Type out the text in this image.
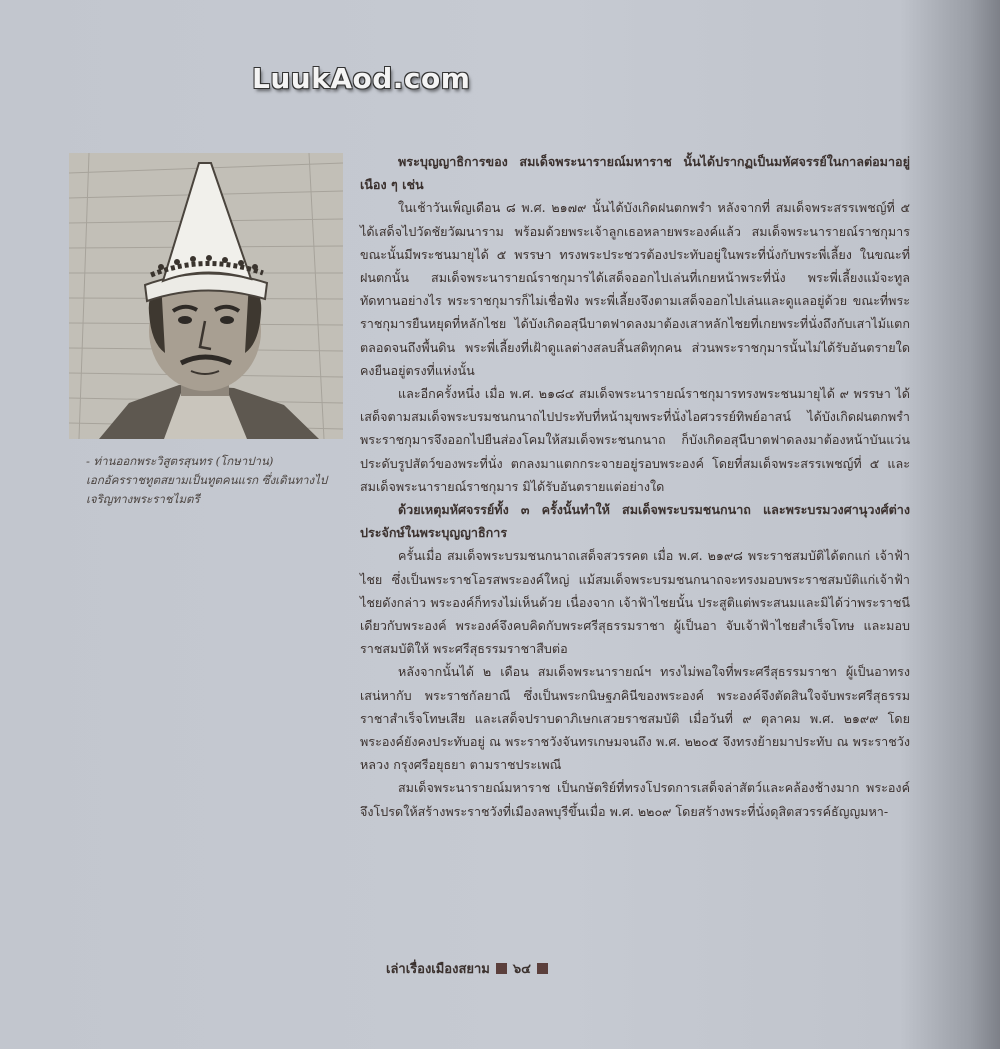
LuukAod.com
- ท่านออกพระวิสูตรสุนทร (โกษาปาน) เอกอัครราชทูตสยามเป็นทูตคนแรก ซึ่งเดินทางไปเจริญทางพระราชไมตรี

พระบุญญาธิการของ สมเด็จพระนารายณ์มหาราช นั้นได้ปรากฏเป็นมหัศจรรย์ในกาลต่อมาอยู่เนือง ๆ เช่น

ในเช้าวันเพ็ญเดือน ๘ พ.ศ. ๒๑๗๙ นั้นได้บังเกิดฝนตกพรำ หลังจากที่ สมเด็จพระสรรเพชญ์ที่ ๕ ได้เสด็จไปวัดชัยวัฒนาราม พร้อมด้วยพระเจ้าลูกเธอหลายพระองค์แล้ว สมเด็จพระนารายณ์ราชกุมาร ขณะนั้นมีพระชนมายุได้ ๕ พรรษา ทรงพระประชวรต้องประทับอยู่ในพระที่นั่งกับพระพี่เลี้ยง ในขณะที่ฝนตกนั้น สมเด็จพระนารายณ์ราชกุมารได้เสด็จออกไปเล่นที่เกยหน้าพระที่นั่ง พระพี่เลี้ยงแม้จะทูลทัดทานอย่างไร พระราชกุมารก็ไม่เชื่อฟัง พระพี่เลี้ยงจึงตามเสด็จออกไปเล่นและดูแลอยู่ด้วย ขณะที่พระราชกุมารยืนหยุดที่หลักไชย ได้บังเกิดอสุนีบาตฟาดลงมาต้องเสาหลักไชยที่เกยพระที่นั่งถึงกับเสาไม้แตกตลอดจนถึงพื้นดิน พระพี่เลี้ยงที่เฝ้าดูแลต่างสลบสิ้นสติทุกคน ส่วนพระราชกุมารนั้นไม่ได้รับอันตรายใดคงยืนอยู่ตรงที่แห่งนั้น

และอีกครั้งหนึ่ง เมื่อ พ.ศ. ๒๑๘๔ สมเด็จพระนารายณ์ราชกุมารทรงพระชนมายุได้ ๙ พรรษา ได้เสด็จตามสมเด็จพระบรมชนกนาถไปประทับที่หน้ามุขพระที่นั่งไอศวรรย์ทิพย์อาสน์ ได้บังเกิดฝนตกพรำ พระราชกุมารจึงออกไปยืนส่องโคมให้สมเด็จพระชนกนาถ ก็บังเกิดอสุนีบาตฟาดลงมาต้องหน้าบันแว่นประดับรูปสัตว์ของพระที่นั่ง ตกลงมาแตกกระจายอยู่รอบพระองค์ โดยที่สมเด็จพระสรรเพชญ์ที่ ๕ และสมเด็จพระนารายณ์ราชกุมาร มิได้รับอันตรายแต่อย่างใด

ด้วยเหตุมหัศจรรย์ทั้ง ๓ ครั้งนั้นทำให้ สมเด็จพระบรมชนกนาถ และพระบรมวงศานุวงศ์ต่างประจักษ์ในพระบุญญาธิการ

ครั้นเมื่อ สมเด็จพระบรมชนกนาถเสด็จสวรรคต เมื่อ พ.ศ. ๒๑๙๘ พระราชสมบัติได้ตกแก่ เจ้าฟ้าไชย ซึ่งเป็นพระราชโอรสพระองค์ใหญ่ แม้สมเด็จพระบรมชนกนาถจะทรงมอบพระราชสมบัติแก่เจ้าฟ้าไชยดังกล่าว พระองค์ก็ทรงไม่เห็นด้วย เนื่องจาก เจ้าฟ้าไชยนั้น ประสูติแต่พระสนมและมิได้ว่าพระราชนีเดียวกับพระองค์ พระองค์จึงคบคิดกับพระศรีสุธรรมราชา ผู้เป็นอา จับเจ้าฟ้าไชยสำเร็จโทษ และมอบราชสมบัติให้ พระศรีสุธรรมราชาสืบต่อ

หลังจากนั้นได้ ๒ เดือน สมเด็จพระนารายณ์ฯ ทรงไม่พอใจที่พระศรีสุธรรมราชา ผู้เป็นอาทรงเสน่หากับ พระราชกัลยาณี ซึ่งเป็นพระกนิษฐภคินีของพระองค์ พระองค์จึงตัดสินใจจับพระศรีสุธรรมราชาสำเร็จโทษเสีย และเสด็จปราบดาภิเษกเสวยราชสมบัติ เมื่อวันที่ ๙ ตุลาคม พ.ศ. ๒๑๙๙ โดยพระองค์ยังคงประทับอยู่ ณ พระราชวังจันทรเกษมจนถึง พ.ศ. ๒๒๐๕ จึงทรงย้ายมาประทับ ณ พระราชวังหลวง กรุงศรีอยุธยา ตามราชประเพณี

สมเด็จพระนารายณ์มหาราช เป็นกษัตริย์ที่ทรงโปรดการเสด็จล่าสัตว์และคล้องช้างมาก พระองค์จึงโปรดให้สร้างพระราชวังที่เมืองลพบุรีขึ้นเมื่อ พ.ศ. ๒๒๐๙ โดยสร้างพระที่นั่งดุสิตสวรรค์ธัญญมหา-

เล่าเรื่องเมืองสยาม ๖๔
